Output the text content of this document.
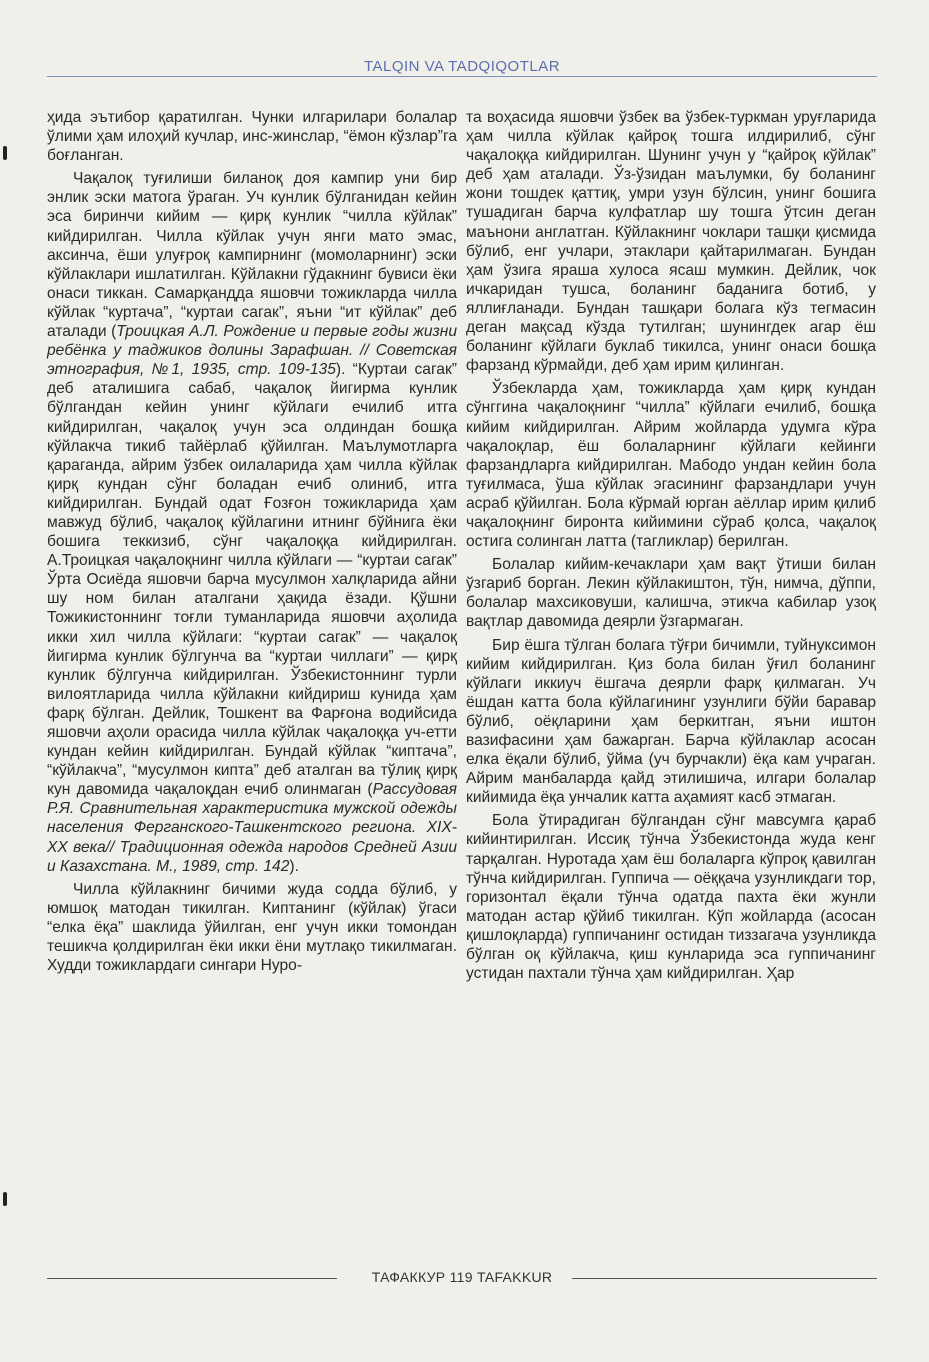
TALQIN VA TADQIQOTLAR

ҳида эътибор қаратилган. Чунки илгарилари болалар ўлими ҳам илоҳий кучлар, инс-жинслар, “ёмон кўзлар”га боғланган.

Чақалоқ туғилиши биланоқ доя кампир уни бир энлик эски матога ўраган. Уч кунлик бўлганидан кейин эса биринчи кийим — қирқ кунлик “чилла кўйлак” кийдирилган. Чилла кўйлак учун янги мато эмас, аксинча, ёши улуғроқ кампирнинг (момоларнинг) эски кўйлаклари ишлатилган. Кўйлакни гўдакнинг бувиси ёки онаси тиккан. Самарқандда яшовчи тожикларда чилла кўйлак “куртача”, “куртаи сагак”, яъни “ит кўйлак” деб аталади (Троицкая А.Л. Рождение и первые годы жизни ребёнка у таджиков долины Зарафшан. // Советская этнография, №1, 1935, стр. 109-135). “Куртаи сагак” деб аталишига сабаб, чақалоқ йигирма кунлик бўлгандан кейин унинг кўйлаги ечилиб итга кийдирилган, чақалоқ учун эса олдиндан бошқа кўйлакча тикиб тайёрлаб қўйилган. Маълумотларга қараганда, айрим ўзбек оилаларида ҳам чилла кўйлак қирқ кундан сўнг боладан ечиб олиниб, итга кийдирилган. Бундай одат Ғозғон тожикларида ҳам мавжуд бўлиб, чақалоқ кўйлагини итнинг бўйнига ёки бошига теккизиб, сўнг чақалоққа кийдирилган. А.Троицкая чақалоқнинг чилла кўйлаги — “куртаи сагак” Ўрта Осиёда яшовчи барча мусулмон халқларида айни шу ном билан аталгани ҳақида ёзади. Қўшни Тожикистоннинг тоғли туманларида яшовчи аҳолида икки хил чилла кўйлаги: “куртаи сагак” — чақалоқ йигирма кунлик бўлгунча ва “куртаи чиллаги” — қирқ кунлик бўлгунча кийдирилган. Ўзбекистоннинг турли вилоятларида чилла кўйлакни кийдириш кунида ҳам фарқ бўлган. Дейлик, Тошкент ва Фарғона водийсида яшовчи аҳоли орасида чилла кўйлак чақалоққа уч-етти кундан кейин кийдирилган. Бундай кўйлак “киптача”, “кўйлакча”, “мусулмон кипта” деб аталган ва тўлиқ қирқ кун давомида чақалоқдан ечиб олинмаган (Рассудовая Р.Я. Сравнительная характеристика мужской одежды населения Ферганского-Ташкентского региона. XIX-XX века// Традиционная одежда народов Средней Азии и Казахстана. М., 1989, стр. 142).

Чилла кўйлакнинг бичими жуда содда бўлиб, у юмшоқ матодан тикилган. Киптанинг (кўйлак) ўгаси “елка ёқа” шаклида ўйилган, енг учун икки томондан тешикча қолдирилган ёки икки ёни мутлақо тикилмаган. Худди тожиклардаги сингари Нуро-

та воҳасида яшовчи ўзбек ва ўзбек-туркман уруғларида ҳам чилла кўйлак қайроқ тошга илдирилиб, сўнг чақалоққа кийдирилган. Шунинг учун у “қайроқ кўйлак” деб ҳам аталади. Ўз-ўзидан маълумки, бу боланинг жони тошдек қаттиқ, умри узун бўлсин, унинг бошига тушадиган барча кулфатлар шу тошга ўтсин деган маънони англатган. Кўйлакнинг чоклари ташқи қисмида бўлиб, енг учлари, этаклари қайтарилмаган. Бундан ҳам ўзига яраша хулоса ясаш мумкин. Дейлик, чок ичкаридан тушса, боланинг баданига ботиб, у яллиғланади. Бундан ташқари болага кўз тегмасин деган мақсад кўзда тутилган; шунингдек агар ёш боланинг кўйлаги буклаб тикилса, унинг онаси бошқа фарзанд кўрмайди, деб ҳам ирим қилинган.

Ўзбекларда ҳам, тожикларда ҳам қирқ кундан сўнггина чақалоқнинг “чилла” кўйлаги ечилиб, бошқа кийим кийдирилган. Айрим жойларда удумга кўра чақалоқлар, ёш болаларнинг кўйлаги кейинги фарзандларга кийдирилган. Мабодо ундан кейин бола туғилмаса, ўша кўйлак эгасининг фарзандлари учун асраб қўйилган. Бола кўрмай юрган аёллар ирим қилиб чақалоқнинг биронта кийимини сўраб қолса, чақалоқ остига солинган латта (тагликлар) берилган.

Болалар кийим-кечаклари ҳам вақт ўтиши билан ўзгариб борган. Лекин кўйлакиштон, тўн, нимча, дўппи, болалар махсиковуши, калишча, этикча кабилар узоқ вақтлар давомида деярли ўзгармаган.

Бир ёшга тўлган болага тўғри бичимли, туйнуксимон кийим кийдирилган. Қиз бола билан ўғил боланинг кўйлаги иккиуч ёшгача деярли фарқ қилмаган. Уч ёшдан катта бола кўйлагининг узунлиги бўйи баравар бўлиб, оёқларини ҳам беркитган, яъни иштон вазифасини ҳам бажарган. Барча кўйлаклар асосан елка ёқали бўлиб, ўйма (уч бурчакли) ёқа кам учраган. Айрим манбаларда қайд этилишича, илгари болалар кийимида ёқа унчалик катта аҳамият касб этмаган.

Бола ўтирадиган бўлгандан сўнг мавсумга қараб кийинтирилган. Иссиқ тўнча Ўзбекистонда жуда кенг тарқалган. Нуротада ҳам ёш болаларга кўпроқ қавилган тўнча кийдирилган. Гуппича — оёққача узунликдаги тор, горизонтал ёқали тўнча одатда пахта ёки жунли матодан астар қўйиб тикилган. Кўп жойларда (асосан қишлоқларда) гуппичанинг остидан тиззагача узунликда бўлган оқ кўйлакча, қиш кунларида эса гуппичанинг устидан пахтали тўнча ҳам кийдирилган. Ҳар

ТАФАККУР 119 TAFAKKUR
